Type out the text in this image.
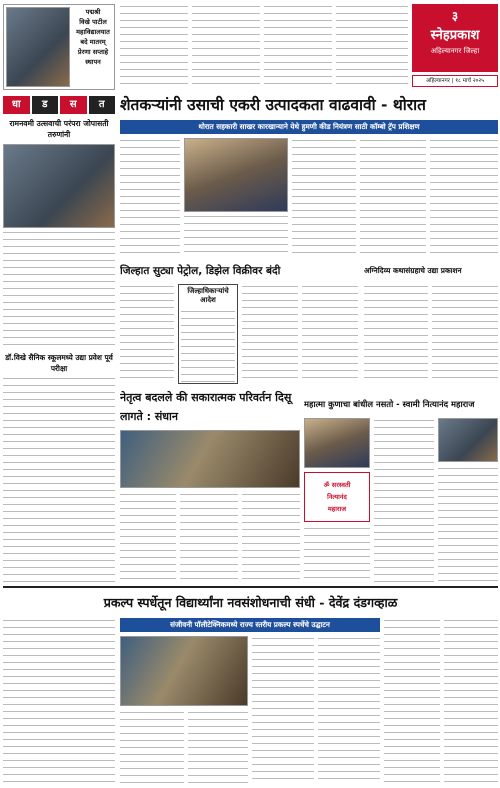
पद्मश्री
विखे पाटील
महाविद्यालयात
बदे मातरम्
प्रेरणा सप्ताहे
स्थापन
३
स्नेहप्रकाश
अहिल्यानगर जिल्हा
अहिल्यानगर | १८ मार्च २०२५
धा	ड	स	त शेतकऱ्यांनी उसाची एकरी उत्पादकता वाढवावी - थोरात
थोरात सहकारी साखर कारखान्याने येथे हुमणी कीड नियंत्रण साठी कॉम्बो ट्रॅप प्रशिक्षण
रामनवमी उत्सवाची परंपरा जोपासती तरुणांनी
डॉ.विखे सैनिक स्कूलमध्ये उद्या प्रवेश पूर्व परीक्षा
जिल्हात सुट्या पेट्रोल, डिझेल विक्रीवर बंदी
जिल्हाधिकाऱ्यांचे आदेश
अग्निदिव्य कथासंग्रहाचे उद्या प्रकाशन
नेतृत्व बदलले की सकारात्मक परिवर्तन दिसू लागते : संधान
महात्मा कुणाचा बांधील नसतो - स्वामी नित्यानंद महाराज
ॐ सरस्वती
नित्यानंद
महाराज
प्रकल्प स्पर्धेतून विद्यार्थ्यांना नवसंशोधनाची संधी - देवेंद्र दंडगव्हाळ
संजीवनी पॉलीटेक्निकमध्ये राज्य स्तरीय प्रकल्प स्पर्धेचे उद्घाटन
